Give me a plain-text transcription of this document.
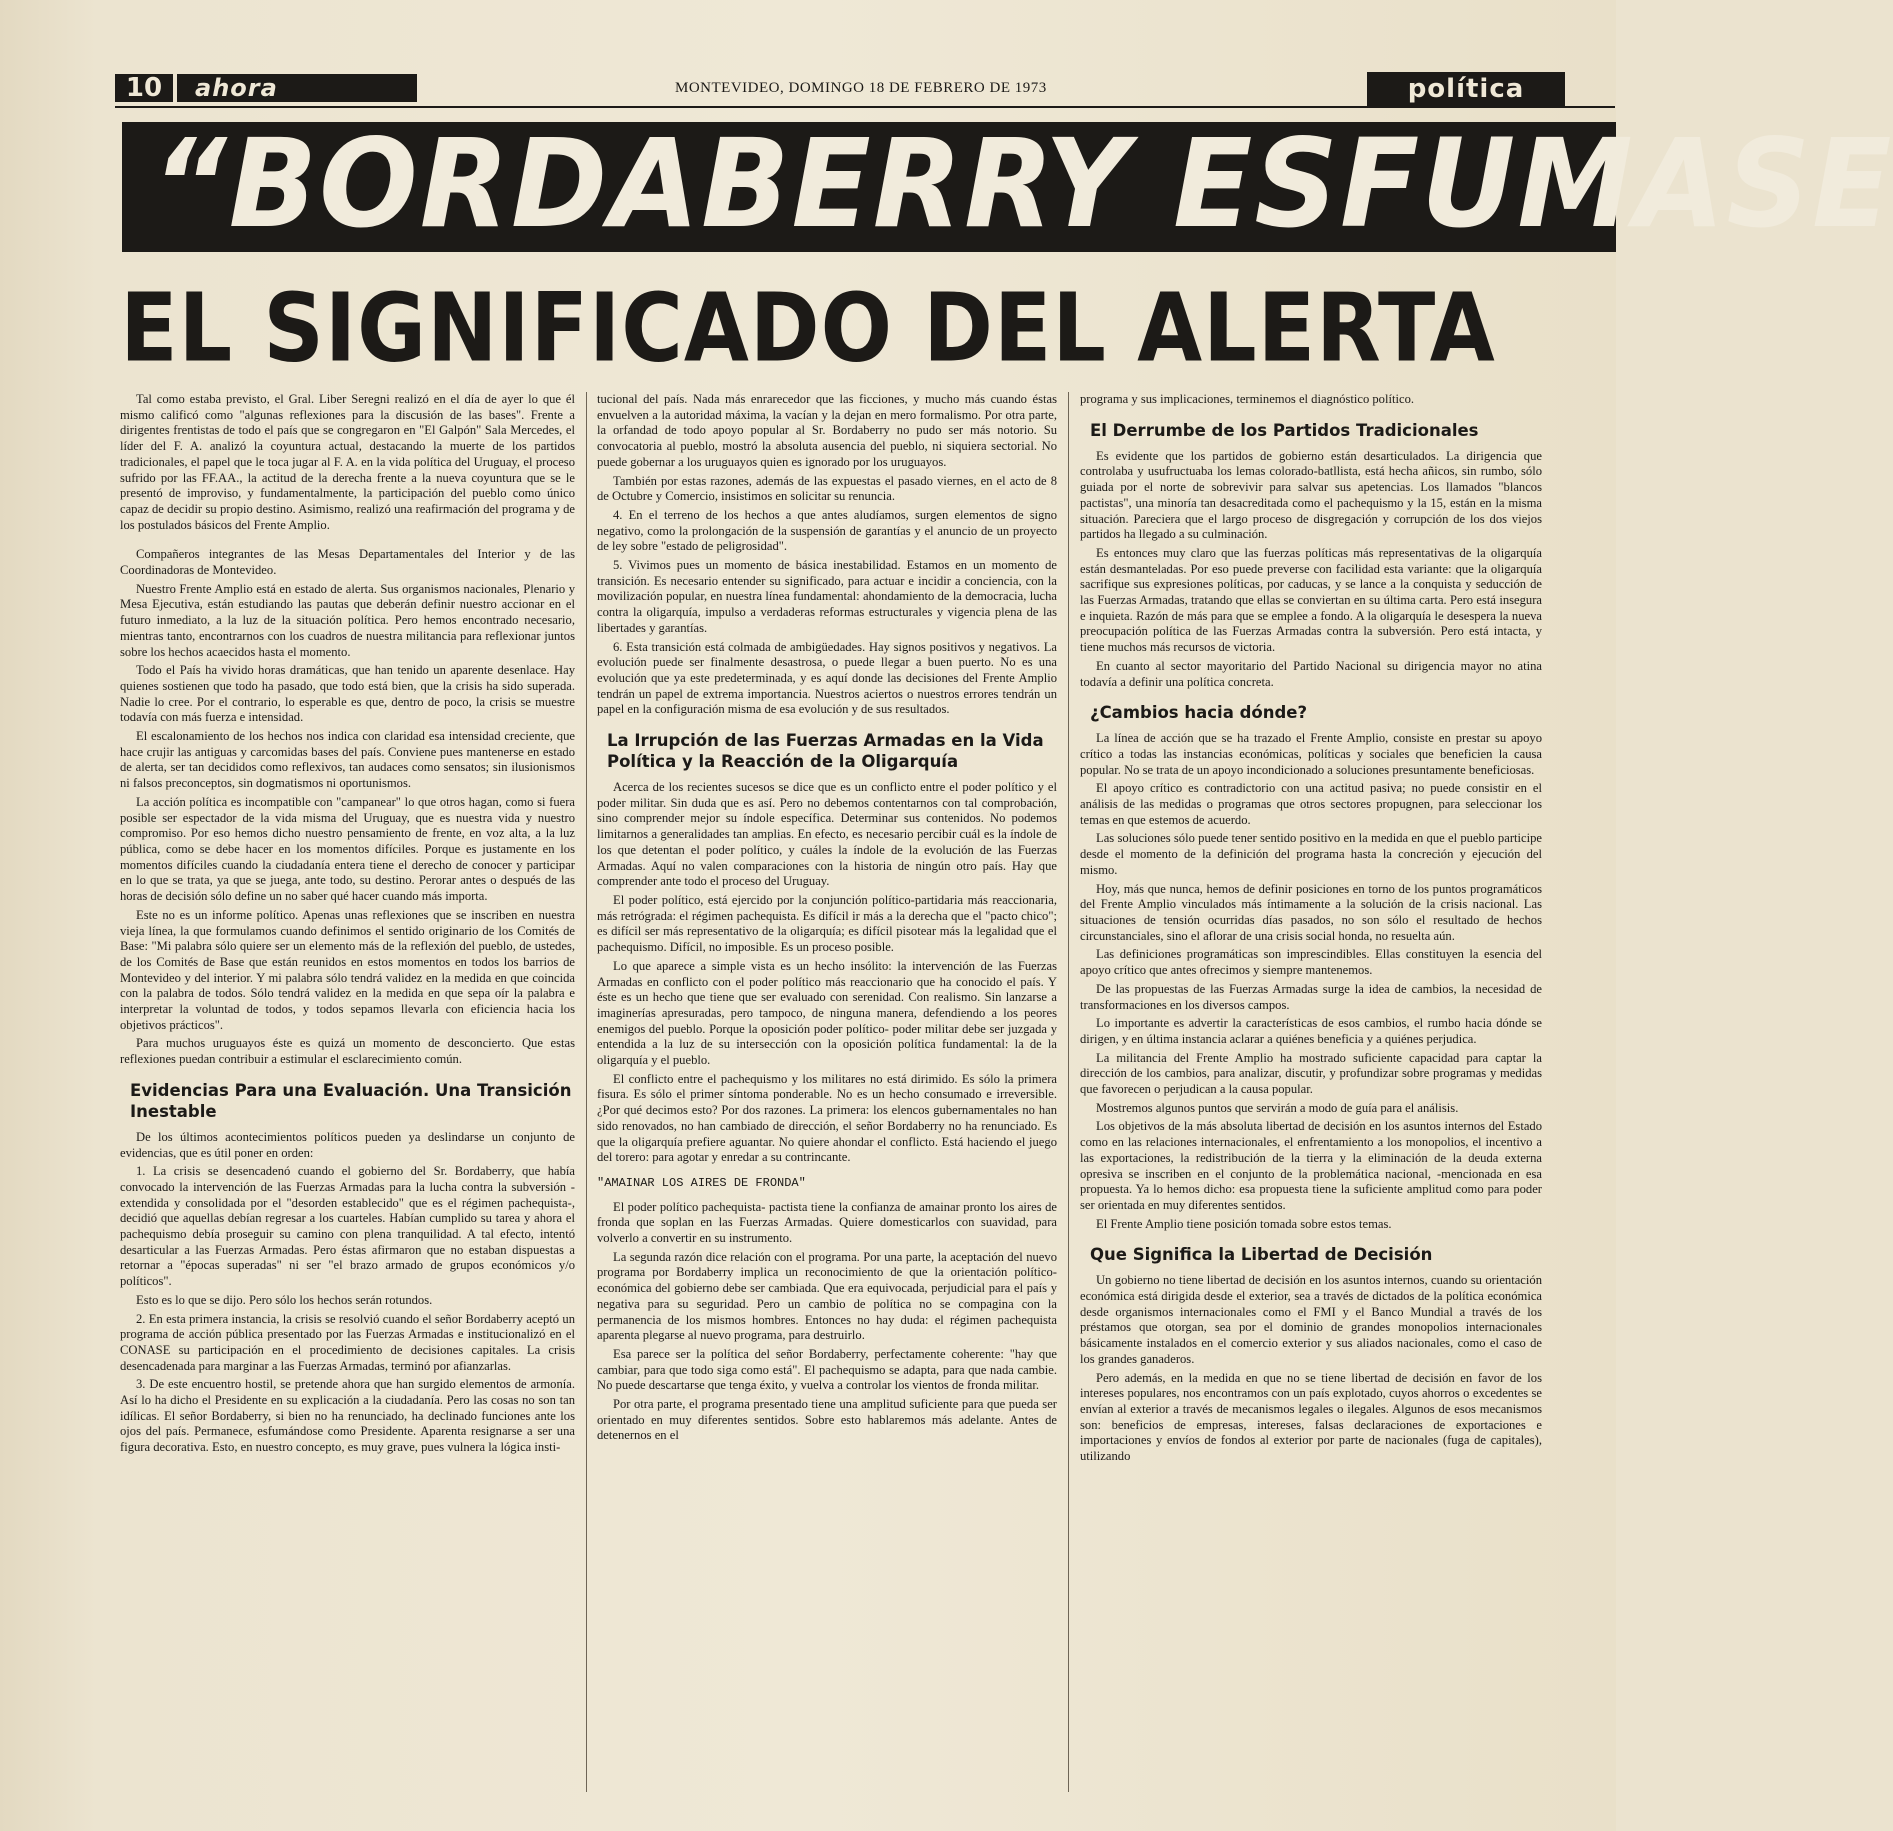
10	ahora	MONTEVIDEO, DOMINGO 18 DE FEBRERO DE 1973	política
“BORDABERRY ESFUMASE
EL SIGNIFICADO DEL ALERTA

Tal como estaba previsto, el Gral. Liber Seregni realizó en el día de ayer lo que él mismo calificó como "algunas reflexiones para la discusión de las bases". Frente a dirigentes frentistas de todo el país que se congregaron en "El Galpón" Sala Mercedes, el líder del F. A. analizó la coyuntura actual, destacando la muerte de los partidos tradicionales, el papel que le toca jugar al F. A. en la vida política del Uruguay, el proceso sufrido por las FF.AA., la actitud de la derecha frente a la nueva coyuntura que se le presentó de improviso, y fundamentalmente, la participación del pueblo como único capaz de decidir su propio destino. Asimismo, realizó una reafirmación del programa y de los postulados básicos del Frente Amplio.

Compañeros integrantes de las Mesas Departamentales del Interior y de las Coordinadoras de Montevideo.

Nuestro Frente Amplio está en estado de alerta. Sus organismos nacionales, Plenario y Mesa Ejecutiva, están estudiando las pautas que deberán definir nuestro accionar en el futuro inmediato, a la luz de la situación política. Pero hemos encontrado necesario, mientras tanto, encontrarnos con los cuadros de nuestra militancia para reflexionar juntos sobre los hechos acaecidos hasta el momento.

Todo el País ha vivido horas dramáticas, que han tenido un aparente desenlace. Hay quienes sostienen que todo ha pasado, que todo está bien, que la crisis ha sido superada. Nadie lo cree. Por el contrario, lo esperable es que, dentro de poco, la crisis se muestre todavía con más fuerza e intensidad.

El escalonamiento de los hechos nos indica con claridad esa intensidad creciente, que hace crujir las antiguas y carcomidas bases del país. Conviene pues mantenerse en estado de alerta, ser tan decididos como reflexivos, tan audaces como sensatos; sin ilusionismos ni falsos preconceptos, sin dogmatismos ni oportunismos.

La acción política es incompatible con "campanear" lo que otros hagan, como si fuera posible ser espectador de la vida misma del Uruguay, que es nuestra vida y nuestro compromiso. Por eso hemos dicho nuestro pensamiento de frente, en voz alta, a la luz pública, como se debe hacer en los momentos difíciles. Porque es justamente en los momentos difíciles cuando la ciudadanía entera tiene el derecho de conocer y participar en lo que se trata, ya que se juega, ante todo, su destino. Perorar antes o después de las horas de decisión sólo define un no saber qué hacer cuando más importa.

Este no es un informe político. Apenas unas reflexiones que se inscriben en nuestra vieja línea, la que formulamos cuando definimos el sentido originario de los Comités de Base: "Mi palabra sólo quiere ser un elemento más de la reflexión del pueblo, de ustedes, de los Comités de Base que están reunidos en estos momentos en todos los barrios de Montevideo y del interior. Y mi palabra sólo tendrá validez en la medida en que coincida con la palabra de todos. Sólo tendrá validez en la medida en que sepa oír la palabra e interpretar la voluntad de todos, y todos sepamos llevarla con eficiencia hacia los objetivos prácticos".

Para muchos uruguayos éste es quizá un momento de desconcierto. Que estas reflexiones puedan contribuir a estimular el esclarecimiento común.

Evidencias Para una Evaluación. Una Transición Inestable

De los últimos acontecimientos políticos pueden ya deslindarse un conjunto de evidencias, que es útil poner en orden:

1. La crisis se desencadenó cuando el gobierno del Sr. Bordaberry, que había convocado la intervención de las Fuerzas Armadas para la lucha contra la subversión -extendida y consolidada por el "desorden establecido" que es el régimen pachequista-, decidió que aquellas debían regresar a los cuarteles. Habían cumplido su tarea y ahora el pachequismo debía proseguir su camino con plena tranquilidad. A tal efecto, intentó desarticular a las Fuerzas Armadas. Pero éstas afirmaron que no estaban dispuestas a retornar a "épocas superadas" ni ser "el brazo armado de grupos económicos y/o políticos".

Esto es lo que se dijo. Pero sólo los hechos serán rotundos.

2. En esta primera instancia, la crisis se resolvió cuando el señor Bordaberry aceptó un programa de acción pública presentado por las Fuerzas Armadas e institucionalizó en el CONASE su participación en el procedimiento de decisiones capitales. La crisis desencadenada para marginar a las Fuerzas Armadas, terminó por afianzarlas.

3. De este encuentro hostil, se pretende ahora que han surgido elementos de armonía. Así lo ha dicho el Presidente en su explicación a la ciudadanía. Pero las cosas no son tan idílicas. El señor Bordaberry, si bien no ha renunciado, ha declinado funciones ante los ojos del país. Permanece, esfumándose como Presidente. Aparenta resignarse a ser una figura decorativa. Esto, en nuestro concepto, es muy grave, pues vulnera la lógica insti-

tucional del país. Nada más enrarecedor que las ficciones, y mucho más cuando éstas envuelven a la autoridad máxima, la vacían y la dejan en mero formalismo. Por otra parte, la orfandad de todo apoyo popular al Sr. Bordaberry no pudo ser más notorio. Su convocatoria al pueblo, mostró la absoluta ausencia del pueblo, ni siquiera sectorial. No puede gobernar a los uruguayos quien es ignorado por los uruguayos.

También por estas razones, además de las expuestas el pasado viernes, en el acto de 8 de Octubre y Comercio, insistimos en solicitar su renuncia.

4. En el terreno de los hechos a que antes aludíamos, surgen elementos de signo negativo, como la prolongación de la suspensión de garantías y el anuncio de un proyecto de ley sobre "estado de peligrosidad".

5. Vivimos pues un momento de básica inestabilidad. Estamos en un momento de transición. Es necesario entender su significado, para actuar e incidir a conciencia, con la movilización popular, en nuestra línea fundamental: ahondamiento de la democracia, lucha contra la oligarquía, impulso a verdaderas reformas estructurales y vigencia plena de las libertades y garantías.

6. Esta transición está colmada de ambigüedades. Hay signos positivos y negativos. La evolución puede ser finalmente desastrosa, o puede llegar a buen puerto. No es una evolución que ya este predeterminada, y es aquí donde las decisiones del Frente Amplio tendrán un papel de extrema importancia. Nuestros aciertos o nuestros errores tendrán un papel en la configuración misma de esa evolución y de sus resultados.

La Irrupción de las Fuerzas Armadas en la Vida Política y la Reacción de la Oligarquía

Acerca de los recientes sucesos se dice que es un conflicto entre el poder político y el poder militar. Sin duda que es así. Pero no debemos contentarnos con tal comprobación, sino comprender mejor su índole específica. Determinar sus contenidos. No podemos limitarnos a generalidades tan amplias. En efecto, es necesario percibir cuál es la índole de los que detentan el poder político, y cuáles la índole de la evolución de las Fuerzas Armadas. Aquí no valen comparaciones con la historia de ningún otro país. Hay que comprender ante todo el proceso del Uruguay.

El poder político, está ejercido por la conjunción político-partidaria más reaccionaria, más retrógrada: el régimen pachequista. Es difícil ir más a la derecha que el "pacto chico"; es difícil ser más representativo de la oligarquía; es difícil pisotear más la legalidad que el pachequismo. Difícil, no imposible. Es un proceso posible.

Lo que aparece a simple vista es un hecho insólito: la intervención de las Fuerzas Armadas en conflicto con el poder político más reaccionario que ha conocido el país. Y éste es un hecho que tiene que ser evaluado con serenidad. Con realismo. Sin lanzarse a imaginerías apresuradas, pero tampoco, de ninguna manera, defendiendo a los peores enemigos del pueblo. Porque la oposición poder político- poder militar debe ser juzgada y entendida a la luz de su intersección con la oposición política fundamental: la de la oligarquía y el pueblo.

El conflicto entre el pachequismo y los militares no está dirimido. Es sólo la primera fisura. Es sólo el primer síntoma ponderable. No es un hecho consumado e irreversible. ¿Por qué decimos esto? Por dos razones. La primera: los elencos gubernamentales no han sido renovados, no han cambiado de dirección, el señor Bordaberry no ha renunciado. Es que la oligarquía prefiere aguantar. No quiere ahondar el conflicto. Está haciendo el juego del torero: para agotar y enredar a su contrincante.

"AMAINAR LOS AIRES DE FRONDA"

El poder político pachequista- pactista tiene la confianza de amainar pronto los aires de fronda que soplan en las Fuerzas Armadas. Quiere domesticarlos con suavidad, para volverlo a convertir en su instrumento.

La segunda razón dice relación con el programa. Por una parte, la aceptación del nuevo programa por Bordaberry implica un reconocimiento de que la orientación político- económica del gobierno debe ser cambiada. Que era equivocada, perjudicial para el país y negativa para su seguridad. Pero un cambio de política no se compagina con la permanencia de los mismos hombres. Entonces no hay duda: el régimen pachequista aparenta plegarse al nuevo programa, para destruirlo.

Esa parece ser la política del señor Bordaberry, perfectamente coherente: "hay que cambiar, para que todo siga como está". El pachequismo se adapta, para que nada cambie. No puede descartarse que tenga éxito, y vuelva a controlar los vientos de fronda militar.

Por otra parte, el programa presentado tiene una amplitud suficiente para que pueda ser orientado en muy diferentes sentidos. Sobre esto hablaremos más adelante. Antes de detenernos en el

programa y sus implicaciones, terminemos el diagnóstico político.

El Derrumbe de los Partidos Tradicionales

Es evidente que los partidos de gobierno están desarticulados. La dirigencia que controlaba y usufructuaba los lemas colorado-batllista, está hecha añicos, sin rumbo, sólo guiada por el norte de sobrevivir para salvar sus apetencias. Los llamados "blancos pactistas", una minoría tan desacreditada como el pachequismo y la 15, están en la misma situación. Pareciera que el largo proceso de disgregación y corrupción de los dos viejos partidos ha llegado a su culminación.

Es entonces muy claro que las fuerzas políticas más representativas de la oligarquía están desmanteladas. Por eso puede preverse con facilidad esta variante: que la oligarquía sacrifique sus expresiones políticas, por caducas, y se lance a la conquista y seducción de las Fuerzas Armadas, tratando que ellas se conviertan en su última carta. Pero está insegura e inquieta. Razón de más para que se emplee a fondo. A la oligarquía le desespera la nueva preocupación política de las Fuerzas Armadas contra la subversión. Pero está intacta, y tiene muchos más recursos de victoria.

En cuanto al sector mayoritario del Partido Nacional su dirigencia mayor no atina todavía a definir una política concreta.

¿Cambios hacia dónde?

La línea de acción que se ha trazado el Frente Amplio, consiste en prestar su apoyo crítico a todas las instancias económicas, políticas y sociales que beneficien la causa popular. No se trata de un apoyo incondicionado a soluciones presuntamente beneficiosas.

El apoyo crítico es contradictorio con una actitud pasiva; no puede consistir en el análisis de las medidas o programas que otros sectores propugnen, para seleccionar los temas en que estemos de acuerdo.

Las soluciones sólo puede tener sentido positivo en la medida en que el pueblo participe desde el momento de la definición del programa hasta la concreción y ejecución del mismo.

Hoy, más que nunca, hemos de definir posiciones en torno de los puntos programáticos del Frente Amplio vinculados más íntimamente a la solución de la crisis nacional. Las situaciones de tensión ocurridas días pasados, no son sólo el resultado de hechos circunstanciales, sino el aflorar de una crisis social honda, no resuelta aún.

Las definiciones programáticas son imprescindibles. Ellas constituyen la esencia del apoyo crítico que antes ofrecimos y siempre mantenemos.

De las propuestas de las Fuerzas Armadas surge la idea de cambios, la necesidad de transformaciones en los diversos campos.

Lo importante es advertir la características de esos cambios, el rumbo hacia dónde se dirigen, y en última instancia aclarar a quiénes beneficia y a quiénes perjudica.

La militancia del Frente Amplio ha mostrado suficiente capacidad para captar la dirección de los cambios, para analizar, discutir, y profundizar sobre programas y medidas que favorecen o perjudican a la causa popular.

Mostremos algunos puntos que servirán a modo de guía para el análisis.

Los objetivos de la más absoluta libertad de decisión en los asuntos internos del Estado como en las relaciones internacionales, el enfrentamiento a los monopolios, el incentivo a las exportaciones, la redistribución de la tierra y la eliminación de la deuda externa opresiva se inscriben en el conjunto de la problemática nacional, -mencionada en esa propuesta. Ya lo hemos dicho: esa propuesta tiene la suficiente amplitud como para poder ser orientada en muy diferentes sentidos.

El Frente Amplio tiene posición tomada sobre estos temas.

Que Significa la Libertad de Decisión

Un gobierno no tiene libertad de decisión en los asuntos internos, cuando su orientación económica está dirigida desde el exterior, sea a través de dictados de la política económica desde organismos internacionales como el FMI y el Banco Mundial a través de los préstamos que otorgan, sea por el dominio de grandes monopolios internacionales básicamente instalados en el comercio exterior y sus aliados nacionales, como el caso de los grandes ganaderos.

Pero además, en la medida en que no se tiene libertad de decisión en favor de los intereses populares, nos encontramos con un país explotado, cuyos ahorros o excedentes se envían al exterior a través de mecanismos legales o ilegales. Algunos de esos mecanismos son: beneficios de empresas, intereses, falsas declaraciones de exportaciones e importaciones y envíos de fondos al exterior por parte de nacionales (fuga de capitales), utilizando
